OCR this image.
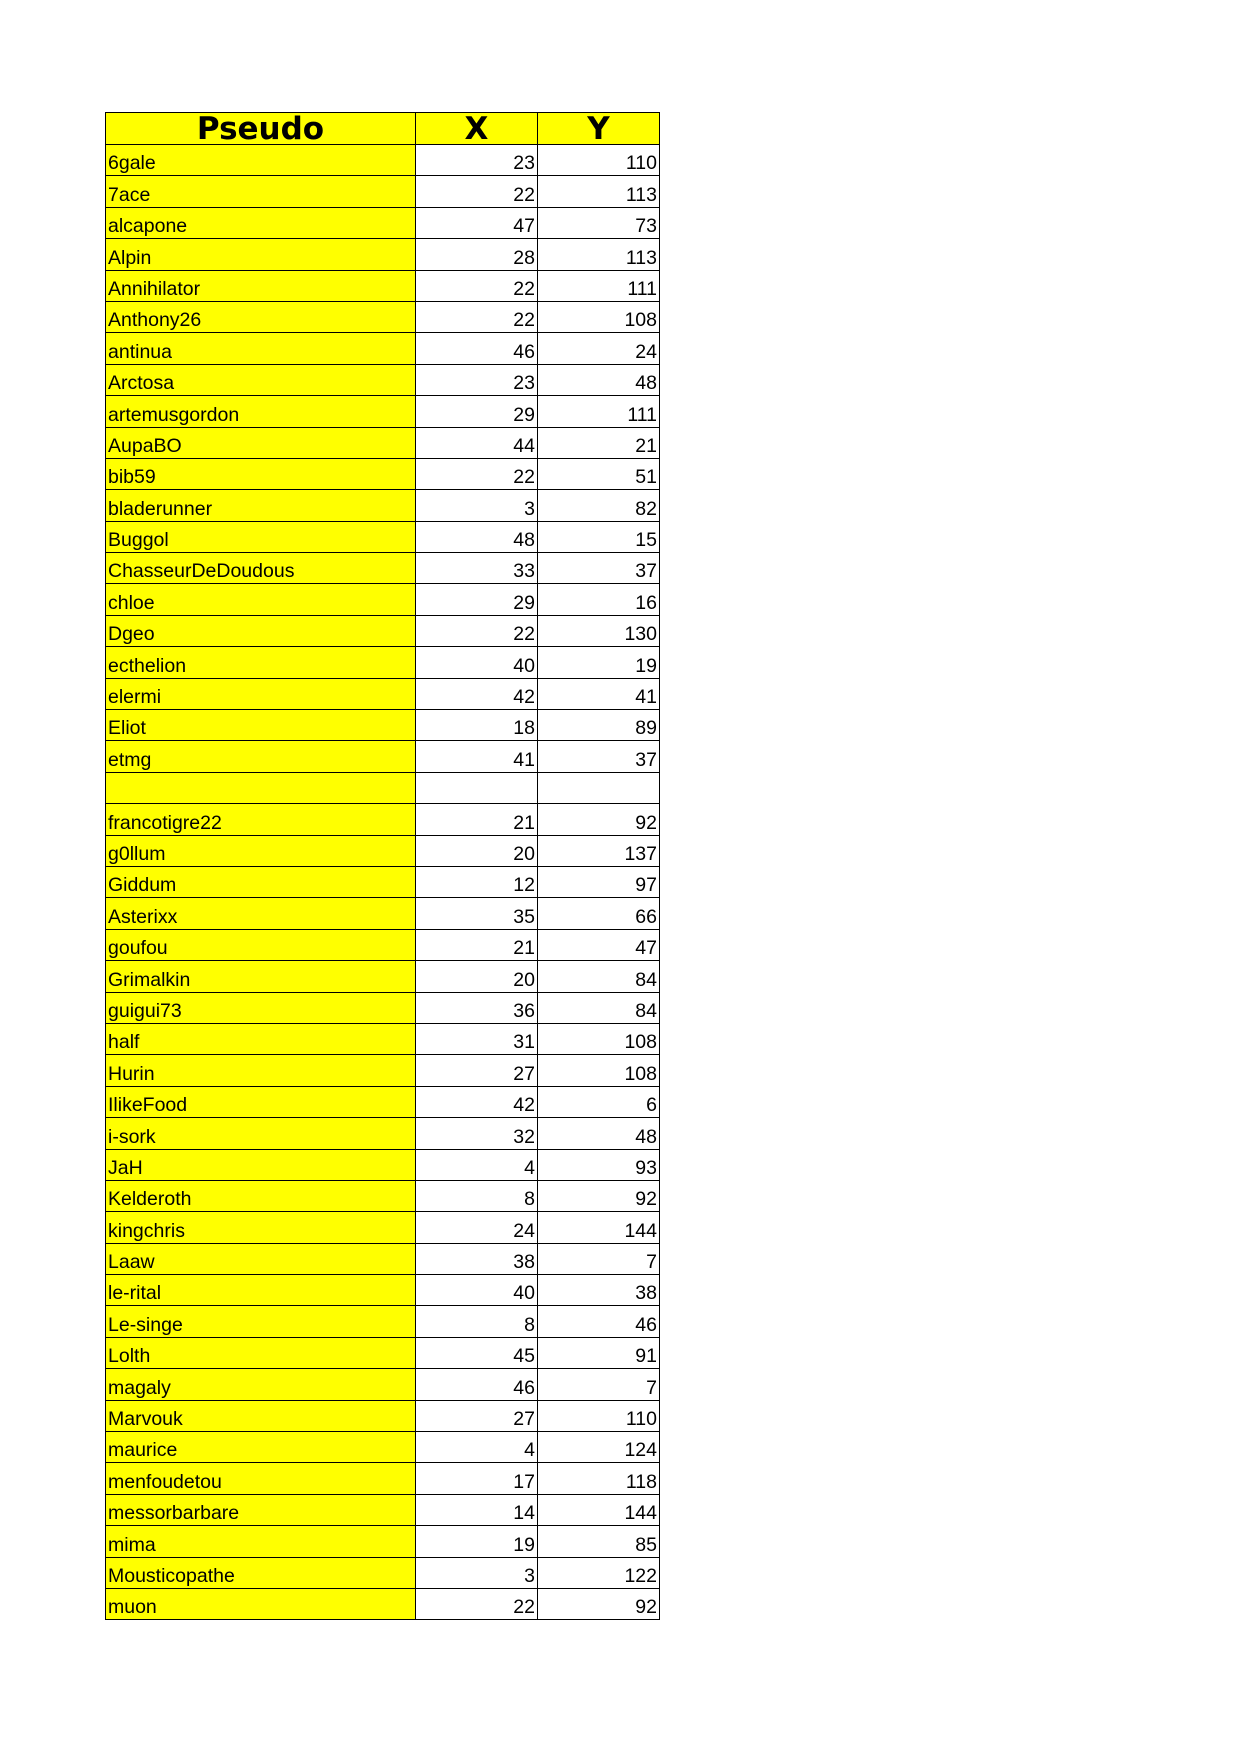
Pseudo	X	Y
6gale	23	110
7ace	22	113
alcapone	47	73
Alpin	28	113
Annihilator	22	111
Anthony26	22	108
antinua	46	24
Arctosa	23	48
artemusgordon	29	111
AupaBO	44	21
bib59	22	51
bladerunner	3	82
Buggol	48	15
ChasseurDeDoudous	33	37
chloe	29	16
Dgeo	22	130
ecthelion	40	19
elermi	42	41
Eliot	18	89
etmg	41	37

francotigre22	21	92
g0llum	20	137
Giddum	12	97
Asterixx	35	66
goufou	21	47
Grimalkin	20	84
guigui73	36	84
half	31	108
Hurin	27	108
IlikeFood	42	6
i-sork	32	48
JaH	4	93
Kelderoth	8	92
kingchris	24	144
Laaw	38	7
le-rital	40	38
Le-singe	8	46
Lolth	45	91
magaly	46	7
Marvouk	27	110
maurice	4	124
menfoudetou	17	118
messorbarbare	14	144
mima	19	85
Mousticopathe	3	122
muon	22	92
